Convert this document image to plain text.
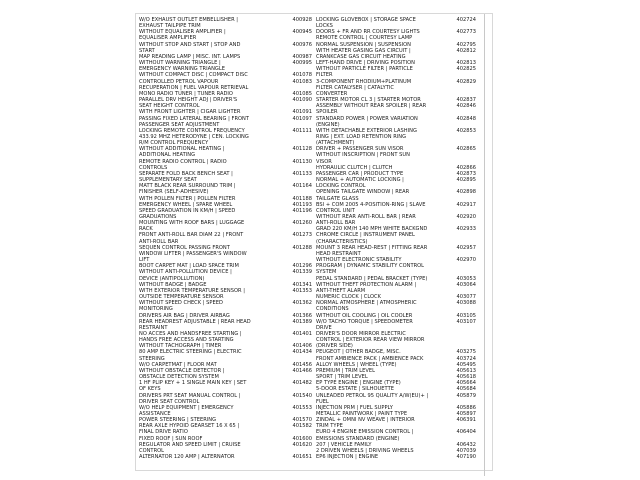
W/O EXHAUST OUTLET EMBELLISHER |	400928
EXHAUST TAILPIPE TRIM
WITHOUT EQUALISER AMPLIFIER |	400945
EQUALISER AMPLIFIER
WITHOUT STOP AND START | STOP AND	400976
START
MAP READING LAMP | MISC. INT. LAMPS	400987
WITHOUT WARNING TRIANGLE |	400995
EMERGENCY WARNING TRIANGLE
WITHOUT COMPACT DISC | COMPACT DISC	401078
CONTROLLED PETROL VAPOUR	401083
RECUPERATION | FUEL VAPOUR RETRIEVAL
MONO RADIO TUNER | TUNER RADIO	401085
PARALLEL DRV HEIGHT ADJ | DRIVER'S	401090
SEAT HEIGHT CONTROL
WITH FRONT LIGHTER | CIGAR LIGHTER	401091
PASSING FIXED LATERAL BEARING | FRONT	401097
PASSENGER SEAT ADJUSTMENT
LOCKING REMOTE CONTROL FREQUENCY	401111
433.92 MHZ HETERODYNE | CEN. LOCKING
R/M CONTROL FREQUENCY
WITHOUT ADDITIONAL HEATING |	401128
ADDITIONAL HEATING
REMOTE RADIO CONTROL | RADIO	401130
CONTROLS
SEPARATE FOLD BACK BENCH SEAT |	401133
SUPPLEMENTARY SEAT
MATT BLACK REAR SURROUND TRIM |	401164
FINISHER (SELF-ADHESIVE)
WITH POLLEN FILTER | POLLEN FILTER	401188
EMERGENCY WHEEL | SPARE WHEEL	401193
SPEED GRADUATION IN KM/H | SPEED	401196
GRADUATIONS
MOUNTING WITH ROOF BARS | LUGGAGE	401260
RACK
FRONT ANTI-ROLL BAR DIAM 22 | FRONT	401273
ANTI-ROLL BAR
SEQUEN CONTROL PASSING FRONT	401288
WINDOW LIFTER | PASSENGER'S WINDOW
LIFT
BOOT CARPET MAT | LOAD SPACE TRIM	401296
WITHOUT ANTI-POLLUTION DEVICE |	401339
DEVICE (ANTIPOLLUTION)
WITHOUT BADGE | BADGE	401341
WITH EXTERIOR TEMPERATURE SENSOR |	401353
OUTSIDE TEMPERATURE SENSOR
WITHOUT SPEED CHECK | SPEED	401362
MONITORING
DRIVERS AIR BAG | DRIVER AIRBAG	401366
REAR HEADREST ADJUSTABLE | REAR HEAD	401389
RESTRAINT
NO ACCES AND HANDSFREE STARTING |	401401
HANDS FREE ACCESS AND STARTING
WITHOUT TACHOGRAPH | TIMER	401406
80 AMP ELECTRIC STEERING | ELECTRIC	401434
STEERING
W/O CARPETMAT | FLOOR MAT	401456
WITHOUT OBSTACLE DETECTOR |	401466
OBSTACLE DETECTION SYSTEM
1 HF PLIP KEY + 1 SINGLE MAIN KEY | SET	401482
OF KEYS
DRIVERS PRT SEAT MANUAL CONTROL |	401540
DRIVER SEAT CONTROL
W/O HELP EQUIPMENT | EMERGENCY	401553
ASSISTANCE
POWER STEERING | STEERING	401570
REAR AXLE HYPOID GEARSET 16 X 65 |	401582
FINAL DRIVE RATIO
FIXED ROOF | SUN ROOF	401600
REGULATOR AND SPEED LIMIT | CRUISE	401620
CONTROL
ALTERNATOR 120 AMP | ALTERNATOR	401651
LOCKING GLOVEBOX | STORAGE SPACE	402724
LOCKS
DOORS + FR AND RR COURTESY LIGHTS	402773
REMOTE CONTROL | COURTESY LAMP
NORMAL SUSPENSION | SUSPENSION	402795
WITH HEATER GASING GAS CIRCUIT |	402812
CRANKCASE GAS CIRCUIT HEATING
LEFT-HAND DRIVE | DRIVING POSITION	402813
WITHOUT PARTICLE FILTER | PARTICLE	402825
FILTER
3-COMPONENT RHODIUM+PLATINUM	402829
FILTER CATALYSER | CATALYTIC
CONVERTER
STARTER MOTOR CL 3 | STARTER MOTOR	402837
ASSEMBLY WITHOUT REAR SPOILER | REAR	402846
SPOILER
STANDARD POWER | POWER VARIATION	402848
(ENGINE)
WITH DETACHABLE EXTERIOR LASHING	402853
RING | EXT. LOAD RETENTION RING
(ATTACHMENT)
DRIVER + PASSENGER SUN VISOR	402865
WITHOUT INSCRIPTION | FRONT SUN
VISOR
HYDRAULIC CLUTCH | CLUTCH	402866
PASSENGER CAR | PRODUCT TYPE	402873
NORMAL + AUTOMATIC LOCKING |	402895
LOCKING CONTROL
OPENING TAILGATE WINDOW | REAR	402898
TAILGATE GLASS
BSI + COM 2005 4-POSITION-RING | SLAVE	402917
CONTROL UNIT
WITHOUT REAR ANTI-ROLL BAR | REAR	402920
ANTI-ROLL BAR
GRAD 220 KM/H 140 MPH WHITE BACKGND	402933
CHROME CIRCLE | INSTRUMENT PANEL
(CHARACTERISTICS)
MOUNT 3 REAR HEAD-REST | FITTING REAR	402957
HEAD RESTRAINT
WITHOUT ELECTRONIC STABILITY	402970
PROGRAM | DYNAMIC STABILITY CONTROL
SYSTEM
PEDAL STANDARD | PEDAL BRACKET (TYPE)	403053
WITHOUT THEFT PROTECTION ALARM |	403064
ANTI-THEFT ALARM
NUMERIC CLOCK | CLOCK	403077
NORMAL ATMOSPHERE | ATMOSPHERIC	403088
CONDITIONS
WITHOUT OIL COOLING | OIL COOLER	403105
W/O TACHO TORQUE | SPEEDOMETER	403107
DRIVE
DRIVER'S DOOR MIRROR ELECTRIC
CONTROL | EXTERIOR REAR VIEW MIRROR
(DRIVER SIDE)
PEUGEOT | OTHER BADGE, MISC.	403275
FRONT AMBIENCE PACK | AMBIENCE PACK	403724
ALLOY WHEELS | WHEEL (TYPE)	405495
PREMIUM | TRIM LEVEL	405613
SPORT | TRIM LEVEL	405618
EP TYPE ENGINE | ENGINE (TYPE)	405664
5-DOOR ESTATE | SILHOUETTE	405684
UNLEADED PETROL 95 QUALITY A/W(EU)+ |	405879
FUEL
INJECTION PRM | FUEL SUPPLY	405886
METALLIC PAINTWORK | PAINT TYPE	405897
ZINDAL + OMNI NV WEAVE | INTERIOR	406391
TRIM TYPE
EURO 4 ENGINE EMISSION CONTROL |	406404
EMISSIONS STANDARD (ENGINE)
207 | VEHICLE FAMILY	406432
2 DRIVEN WHEELS | DRIVING WHEELS	407039
EP6 INJECTION | ENGINE	407190
